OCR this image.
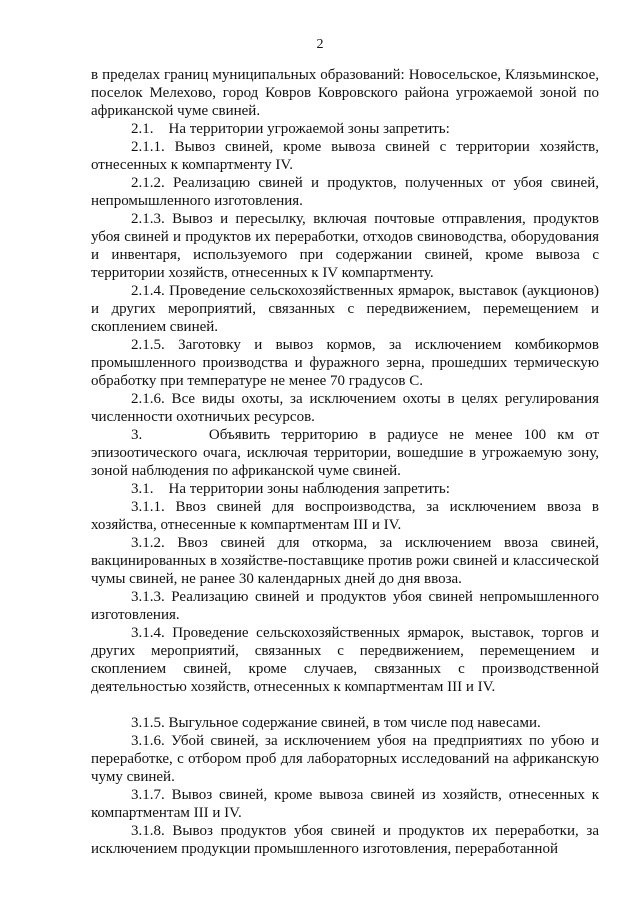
2

в пределах границ муниципальных образований: Новосельское, Клязьминское, поселок Мелехово, город Ковров Ковровского района угрожаемой зоной по африканской чуме свиней.

2.1.    На территории угрожаемой зоны запретить:

2.1.1. Вывоз свиней, кроме вывоза свиней с территории хозяйств, отнесенных к компартменту IV.

2.1.2. Реализацию свиней и продуктов, полученных от убоя свиней, непромышленного изготовления.

2.1.3. Вывоз и пересылку, включая почтовые отправления, продуктов убоя свиней и продуктов их переработки, отходов свиноводства, оборудования и инвентаря, используемого при содержании свиней, кроме вывоза с территории хозяйств, отнесенных к IV компартменту.

2.1.4. Проведение сельскохозяйственных ярмарок, выставок (аукционов) и других мероприятий, связанных с передвижением, перемещением и скоплением свиней.

2.1.5. Заготовку и вывоз кормов, за исключением комбикормов промышленного производства и фуражного зерна, прошедших термическую обработку при температуре не менее 70 градусов С.

2.1.6. Все виды охоты, за исключением охоты в целях регулирования численности охотничьих ресурсов.

3.      Объявить территорию в радиусе не менее 100 км от эпизоотического очага, исключая территории, вошедшие в угрожаемую зону, зоной наблюдения по африканской чуме свиней.

3.1.    На территории зоны наблюдения запретить:

3.1.1. Ввоз свиней для воспроизводства, за исключением ввоза в хозяйства, отнесенные к компартментам III и IV.

3.1.2. Ввоз свиней для откорма, за исключением ввоза свиней, вакцинированных в хозяйстве-поставщике против рожи свиней и классической чумы свиней, не ранее 30 календарных дней до дня ввоза.

3.1.3. Реализацию свиней и продуктов убоя свиней непромышленного изготовления.

3.1.4. Проведение сельскохозяйственных ярмарок, выставок, торгов и других мероприятий, связанных с передвижением, перемещением и скоплением свиней, кроме случаев, связанных с производственной деятельностью хозяйств, отнесенных к компартментам III и IV.

3.1.5. Выгульное содержание свиней, в том числе под навесами.

3.1.6. Убой свиней, за исключением убоя на предприятиях по убою и переработке, с отбором проб для лабораторных исследований на африканскую чуму свиней.

3.1.7. Вывоз свиней, кроме вывоза свиней из хозяйств, отнесенных к компартментам III и IV.

3.1.8. Вывоз продуктов убоя свиней и продуктов их переработки, за исключением продукции промышленного изготовления, переработанной
